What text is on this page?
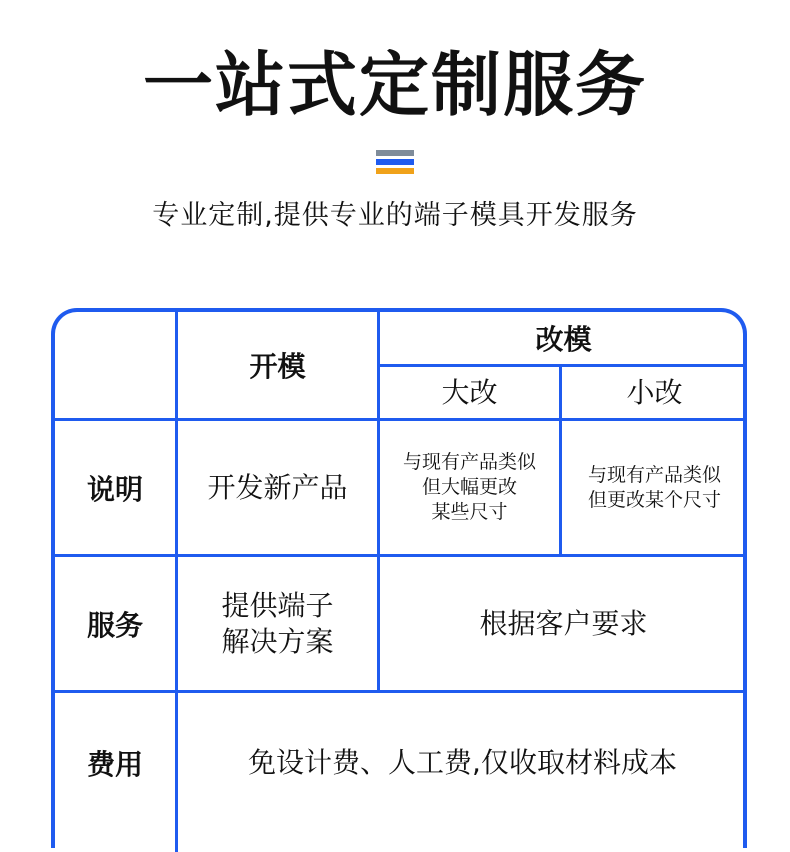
一站式定制服务
专业定制,提供专业的端子模具开发服务
开模
改模
大改	小改
说明 开发新产品
与现有产品类似
但大幅更改
某些尺寸
与现有产品类似
但更改某个尺寸
服务
提供端子
解决方案
根据客户要求
费用	免设计费、人工费,仅收取材料成本
